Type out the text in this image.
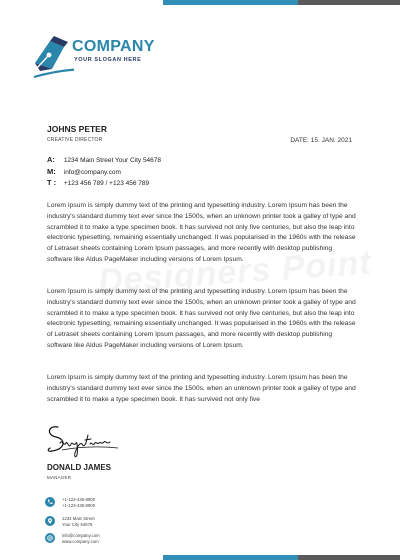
COMPANY
YOUR SLOGAN HERE
JOHNS PETER
CREATIVE DIRECTOR	DATE: 15. JAN. 2021
A: 1234 Main Street Your City 54678
M: info@company.com
T : +123 456 789 / +123 456 789

Lorem Ipsum is simply dummy text of the printing and typesetting industry. Lorem Ipsum has been the industry's standard dummy text ever since the 1500s, when an unknown printer took a galley of type and scrambled it to make a type specimen book. It has survived not only five centuries, but also the leap into electronic typesetting, remaining essentially unchanged. It was popularised in the 1960s with the release of Letraset sheets containing Lorem Ipsum passages, and more recently with desktop publishing software like Aldus PageMaker including versions of Lorem Ipsum.

Lorem Ipsum is simply dummy text of the printing and typesetting industry. Lorem Ipsum has been the industry's standard dummy text ever since the 1500s, when an unknown printer took a galley of type and scrambled it to make a type specimen book. It has survived not only five centuries, but also the leap into electronic typesetting, remaining essentially unchanged. It was popularised in the 1960s with the release of Letraset sheets containing Lorem Ipsum passages, and more recently with desktop publishing software like Aldus PageMaker including versions of Lorem Ipsum.

Lorem Ipsum is simply dummy text of the printing and typesetting industry. Lorem Ipsum has been the industry's standard dummy text ever since the 1500s, when an unknown printer took a galley of type and scrambled it to make a type specimen book. It has survived not only five

DONALD JAMES
MANAGER
+1-123-435-8900
+1-123-435-8900
1234 Main Street
Your City 54678
info@company.com
www.company.com
